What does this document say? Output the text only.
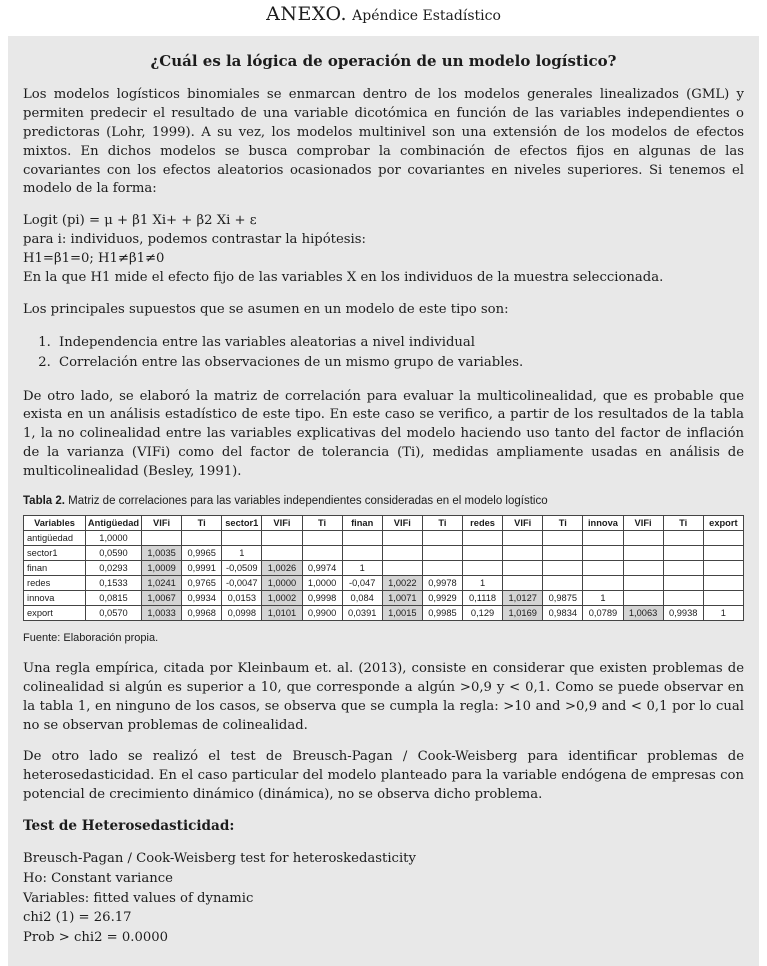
ANEXO. Apéndice Estadístico
¿Cuál es la lógica de operación de un modelo logístico?

Los modelos logísticos binomiales se enmarcan dentro de los modelos generales linealizados (GML) y permiten predecir el resultado de una variable dicotómica en función de las variables independientes o predictoras (Lohr, 1999). A su vez, los modelos multinivel son una extensión de los modelos de efectos mixtos. En dichos modelos se busca comprobar la combinación de efectos fijos en algunas de las covariantes con los efectos aleatorios ocasionados por covariantes en niveles superiores. Si tenemos el modelo de la forma:

Logit (pi) = μ + β1 Xi+ + β2 Xi + ε
para i: individuos, podemos contrastar la hipótesis:
H1=β1=0; H1≠β1≠0
En la que H1 mide el efecto fijo de las variables X en los individuos de la muestra seleccionada.

Los principales supuestos que se asumen en un modelo de este tipo son:

1. Independencia entre las variables aleatorias a nivel individual
2. Correlación entre las observaciones de un mismo grupo de variables.

De otro lado, se elaboró la matriz de correlación para evaluar la multicolinealidad, que es probable que exista en un análisis estadístico de este tipo. En este caso se verifico, a partir de los resultados de la tabla 1, la no colinealidad entre las variables explicativas del modelo haciendo uso tanto del factor de inflación de la varianza (VIFi) como del factor de tolerancia (Ti), medidas ampliamente usadas en análisis de multicolinealidad (Besley, 1991).

Tabla 2. Matriz de correlaciones para las variables independientes consideradas en el modelo logístico
Variables	Antigüedad	VIFi	Ti	sector1	VIFi	Ti	finan	VIFi	Ti	redes	VIFi	Ti	innova	VIFi	Ti	export
antigüedad	1,0000															
sector1	0,0590	1,0035	0,9965	1												
finan	0,0293	1,0009	0,9991	-0,0509	1,0026	0,9974	1									
redes	0,1533	1,0241	0,9765	-0,0047	1,0000	1,0000	-0,047	1,0022	0,9978	1						
innova	0,0815	1,0067	0,9934	0,0153	1,0002	0,9998	0,084	1,0071	0,9929	0,1118	1,0127	0,9875	1			
export	0,0570	1,0033	0,9968	0,0998	1,0101	0,9900	0,0391	1,0015	0,9985	0,129	1,0169	0,9834	0,0789	1,0063	0,9938	1
Fuente: Elaboración propia.

Una regla empírica, citada por Kleinbaum et. al. (2013), consiste en considerar que existen problemas de colinealidad si algún es superior a 10, que corresponde a algún >0,9 y < 0,1. Como se puede observar en la tabla 1, en ninguno de los casos, se observa que se cumpla la regla: >10 and >0,9 and < 0,1 por lo cual no se observan problemas de colinealidad.

De otro lado se realizó el test de Breusch-Pagan / Cook-Weisberg para identificar problemas de heterosedasticidad. En el caso particular del modelo planteado para la variable endógena de empresas con potencial de crecimiento dinámico (dinámica), no se observa dicho problema.

Test de Heterosedasticidad:
Breusch-Pagan / Cook-Weisberg test for heteroskedasticity
Ho: Constant variance
Variables: fitted values of dynamic
chi2 (1) = 26.17
Prob > chi2 = 0.0000
